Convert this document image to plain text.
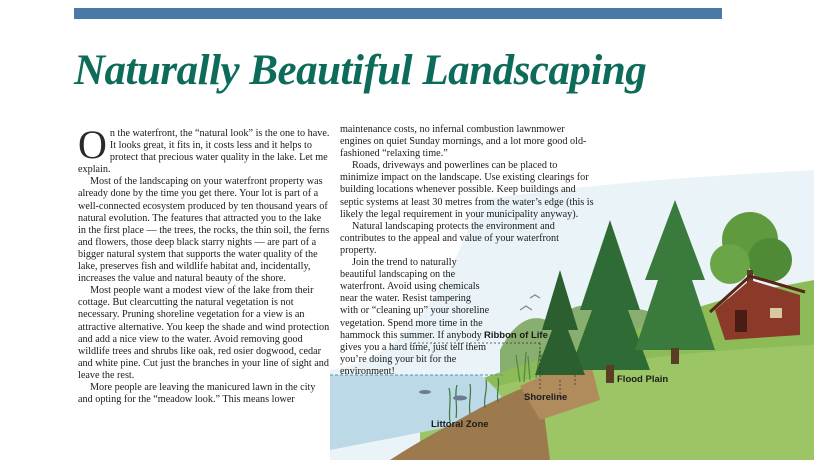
Naturally Beautiful Landscaping

On the waterfront, the “natural look” is the one to have. It looks great, it fits in, it costs less and it helps to protect that precious water quality in the lake. Let me explain.

Most of the landscaping on your waterfront property was already done by the time you get there. Your lot is part of a well-connected ecosystem produced by ten thousand years of natural evolution. The features that attracted you to the lake in the first place — the trees, the rocks, the thin soil, the ferns and flowers, those deep black starry nights — are part of a bigger natural system that supports the water quality of the lake, preserves fish and wildlife habitat and, incidentally, increases the value and natural beauty of the shore.

Most people want a modest view of the lake from their cottage. But clearcutting the natural vegetation is not necessary. Pruning shoreline vegetation for a view is an attractive alternative. You keep the shade and wind protection and add a nice view to the water. Avoid removing good wildlife trees and shrubs like oak, red osier dogwood, cedar and white pine. Cut just the branches in your line of sight and leave the rest.

More people are leaving the manicured lawn in the city and opting for the “meadow look.” This means lower

maintenance costs, no infernal combustion lawnmower engines on quiet Sunday mornings, and a lot more good old-fashioned “relaxing time.”

Roads, driveways and powerlines can be placed to minimize impact on the landscape. Use existing clearings for building locations whenever possible. Keep buildings and septic systems at least 30 metres from the water’s edge (this is likely the legal requirement in your municipality anyway).

Natural landscaping protects the environment and contributes to the appeal and value of your waterfront property.

Join the trend to naturally beautiful landscaping on the waterfront. Avoid using chemicals near the water. Resist tampering with or “cleaning up” your shoreline vegetation. Spend more time in the hammock this summer. If anybody gives you a hard time, just tell them you’re doing your bit for the environment!

Ribbon of Life
Flood Plain
Shoreline
Littoral Zone
